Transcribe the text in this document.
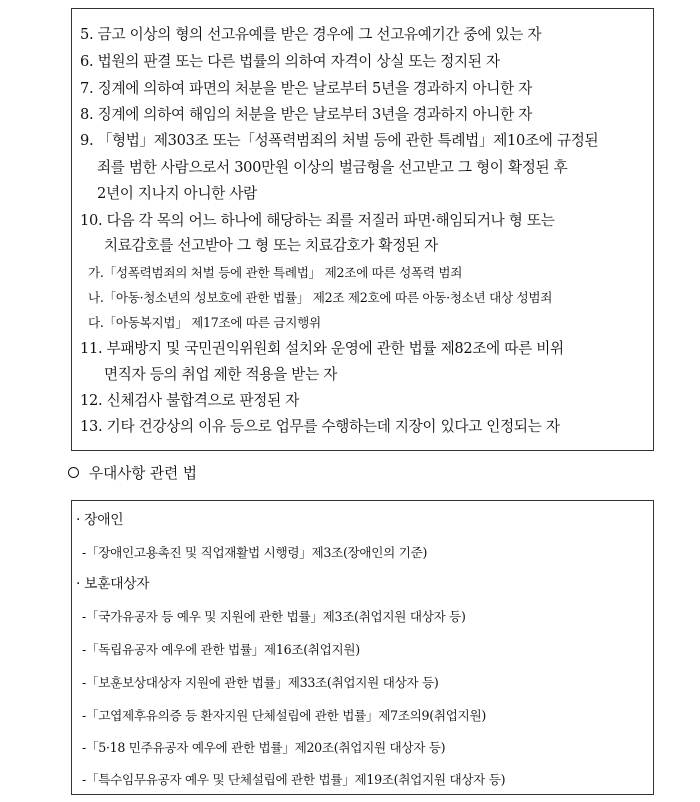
5. 금고 이상의 형의 선고유예를 받은 경우에 그 선고유예기간 중에 있는 자
6. 법원의 판결 또는 다른 법률의 의하여 자격이 상실 또는 정지된 자
7. 징계에 의하여 파면의 처분을 받은 날로부터 5년을 경과하지 아니한 자
8. 징계에 의하여 해임의 처분을 받은 날로부터 3년을 경과하지 아니한 자
9. 「형법」제303조 또는「성폭력범죄의 처벌 등에 관한 특례법」제10조에 규정된
죄를 범한 사람으로서 300만원 이상의 벌금형을 선고받고 그 형이 확정된 후
2년이 지나지 아니한 사람
10. 다음 각 목의 어느 하나에 해당하는 죄를 저질러 파면·해임되거나 형 또는
치료감호를 선고받아 그 형 또는 치료감호가 확정된 자
가.「성폭력범죄의 처벌 등에 관한 특례법」 제2조에 따른 성폭력 범죄
나.「아동·청소년의 성보호에 관한 법률」 제2조 제2호에 따른 아동·청소년 대상 성범죄
다.「아동복지법」 제17조에 따른 금지행위
11. 부패방지 및 국민권익위원회 설치와 운영에 관한 법률 제82조에 따른 비위
면직자 등의 취업 제한 적용을 받는 자
12. 신체검사 불합격으로 판정된 자
13. 기타 건강상의 이유 등으로 업무를 수행하는데 지장이 있다고 인정되는 자
우대사항 관련 법
· 장애인
-「장애인고용촉진 및 직업재활법 시행령」제3조(장애인의 기준)
· 보훈대상자
-「국가유공자 등 예우 및 지원에 관한 법률」제3조(취업지원 대상자 등)
-「독립유공자 예우에 관한 법률」제16조(취업지원)
-「보훈보상대상자 지원에 관한 법률」제33조(취업지원 대상자 등)
-「고엽제후유의증 등 환자지원 단체설립에 관한 법률」제7조의9(취업지원)
-「5·18 민주유공자 예우에 관한 법률」제20조(취업지원 대상자 등)
-「특수임무유공자 예우 및 단체설립에 관한 법률」제19조(취업지원 대상자 등)
